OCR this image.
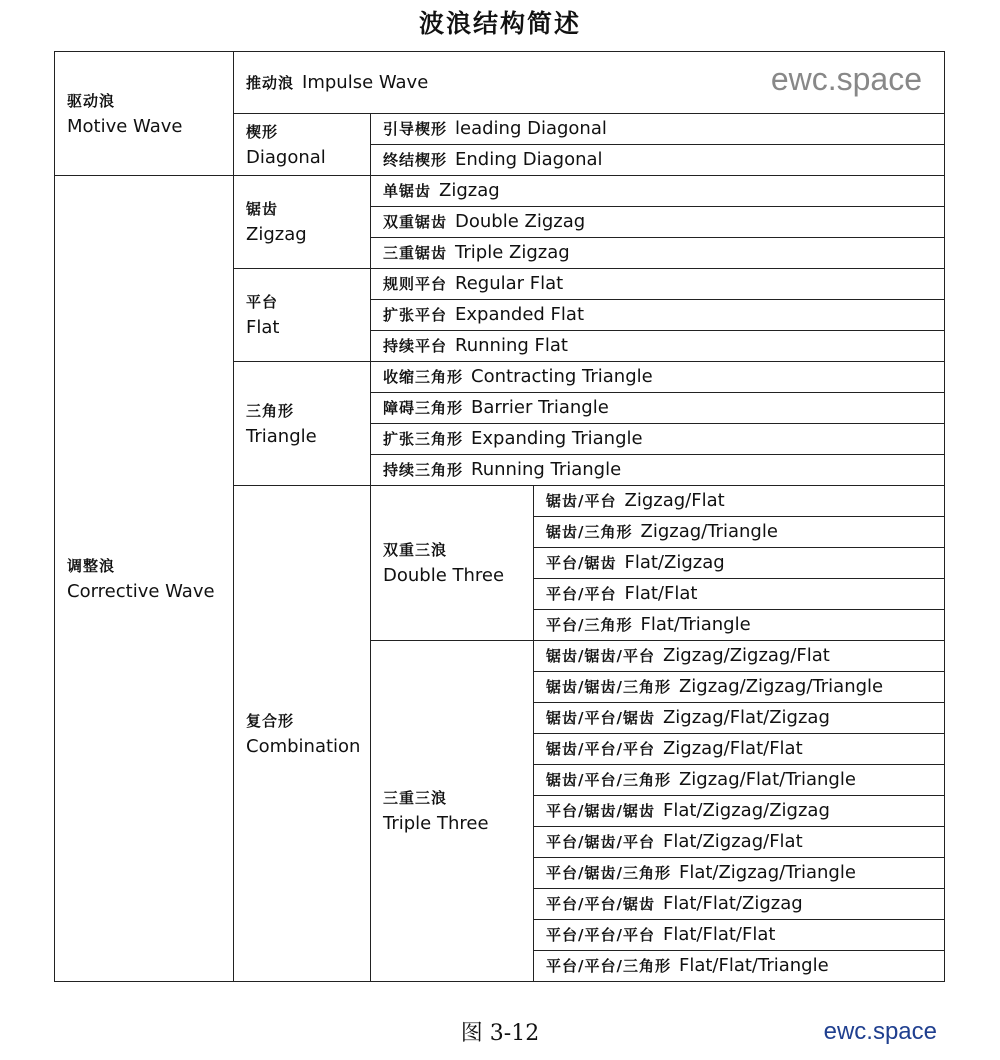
波浪结构简述
驱动浪
Motive Wave	推动浪 Impulse Wave ewc.space		

	楔形
Diagonal	引导楔形 leading Diagonal	
		终结楔形 Ending Diagonal	

调整浪
Corrective Wave	锯齿
Zigzag	单锯齿 Zigzag	
		双重锯齿 Double Zigzag	
		三重锯齿 Triple Zigzag	

	平台
Flat	规则平台 Regular Flat	
		扩张平台 Expanded Flat	
		持续平台 Running Flat	

	三角形
Triangle	收缩三角形 Contracting Triangle	
		障碍三角形 Barrier Triangle	
		扩张三角形 Expanding Triangle	
		持续三角形 Running Triangle	

	复合形
Combination	双重三浪
Double Three	锯齿/平台 Zigzag/Flat
			锯齿/三角形 Zigzag/Triangle
			平台/锯齿 Flat/Zigzag
			平台/平台 Flat/Flat
			平台/三角形 Flat/Triangle

		三重三浪
Triple Three	锯齿/锯齿/平台 Zigzag/Zigzag/Flat
			锯齿/锯齿/三角形 Zigzag/Zigzag/Triangle
			锯齿/平台/锯齿 Zigzag/Flat/Zigzag
			锯齿/平台/平台 Zigzag/Flat/Flat
			锯齿/平台/三角形 Zigzag/Flat/Triangle
			平台/锯齿/锯齿 Flat/Zigzag/Zigzag
			平台/锯齿/平台 Flat/Zigzag/Flat
			平台/锯齿/三角形 Flat/Zigzag/Triangle
			平台/平台/锯齿 Flat/Flat/Zigzag
			平台/平台/平台 Flat/Flat/Flat
			平台/平台/三角形 Flat/Flat/Triangle
图 3-12	ewc.space
